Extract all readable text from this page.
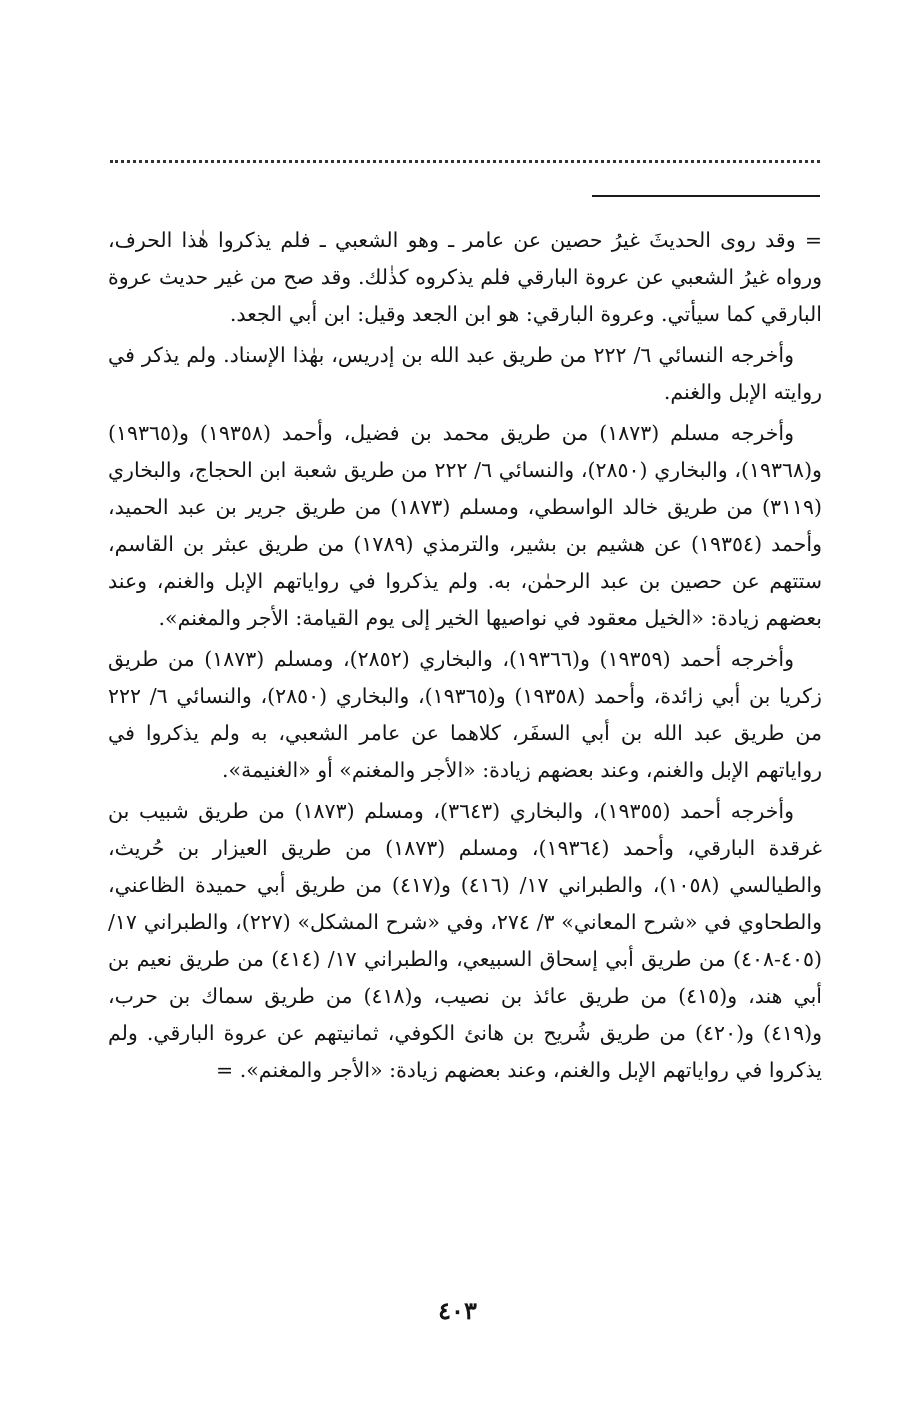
= وقد روى الحديثَ غيرُ حصين عن عامر ـ وهو الشعبي ـ فلم يذكروا هٰذا الحرف، ورواه غيرُ الشعبي عن عروة البارقي فلم يذكروه كذٰلك. وقد صح من غير حديث عروة البارقي كما سيأتي. وعروة البارقي: هو ابن الجعد وقيل: ابن أبي الجعد.

وأخرجه النسائي ٦/ ٢٢٢ من طريق عبد الله بن إدريس، بهٰذا الإسناد. ولم يذكر في روايته الإبل والغنم.

وأخرجه مسلم (١٨٧٣) من طريق محمد بن فضيل، وأحمد (١٩٣٥٨) و(١٩٣٦٥) و(١٩٣٦٨)، والبخاري (٢٨٥٠)، والنسائي ٦/ ٢٢٢ من طريق شعبة ابن الحجاج، والبخاري (٣١١٩) من طريق خالد الواسطي، ومسلم (١٨٧٣) من طريق جرير بن عبد الحميد، وأحمد (١٩٣٥٤) عن هشيم بن بشير، والترمذي (١٧٨٩) من طريق عبثر بن القاسم، ستتهم عن حصين بن عبد الرحمٰن، به. ولم يذكروا في رواياتهم الإبل والغنم، وعند بعضهم زيادة: «الخيل معقود في نواصيها الخير إلى يوم القيامة: الأجر والمغنم».

وأخرجه أحمد (١٩٣٥٩) و(١٩٣٦٦)، والبخاري (٢٨٥٢)، ومسلم (١٨٧٣) من طريق زكريا بن أبي زائدة، وأحمد (١٩٣٥٨) و(١٩٣٦٥)، والبخاري (٢٨٥٠)، والنسائي ٦/ ٢٢٢ من طريق عبد الله بن أبي السفَر، كلاهما عن عامر الشعبي، به ولم يذكروا في رواياتهم الإبل والغنم، وعند بعضهم زيادة: «الأجر والمغنم» أو «الغنيمة».

وأخرجه أحمد (١٩٣٥٥)، والبخاري (٣٦٤٣)، ومسلم (١٨٧٣) من طريق شبيب بن غرقدة البارقي، وأحمد (١٩٣٦٤)، ومسلم (١٨٧٣) من طريق العيزار بن حُريث، والطيالسي (١٠٥٨)، والطبراني ١٧/ (٤١٦) و(٤١٧) من طريق أبي حميدة الظاعني، والطحاوي في «شرح المعاني» ٣/ ٢٧٤، وفي «شرح المشكل» (٢٢٧)، والطبراني ١٧/ (٤٠٥-٤٠٨) من طريق أبي إسحاق السبيعي، والطبراني ١٧/ (٤١٤) من طريق نعيم بن أبي هند، و(٤١٥) من طريق عائذ بن نصيب، و(٤١٨) من طريق سماك بن حرب، و(٤١٩) و(٤٢٠) من طريق شُريح بن هانئ الكوفي، ثمانيتهم عن عروة البارقي. ولم يذكروا في رواياتهم الإبل والغنم، وعند بعضهم زيادة: «الأجر والمغنم». =

٤٠٣
